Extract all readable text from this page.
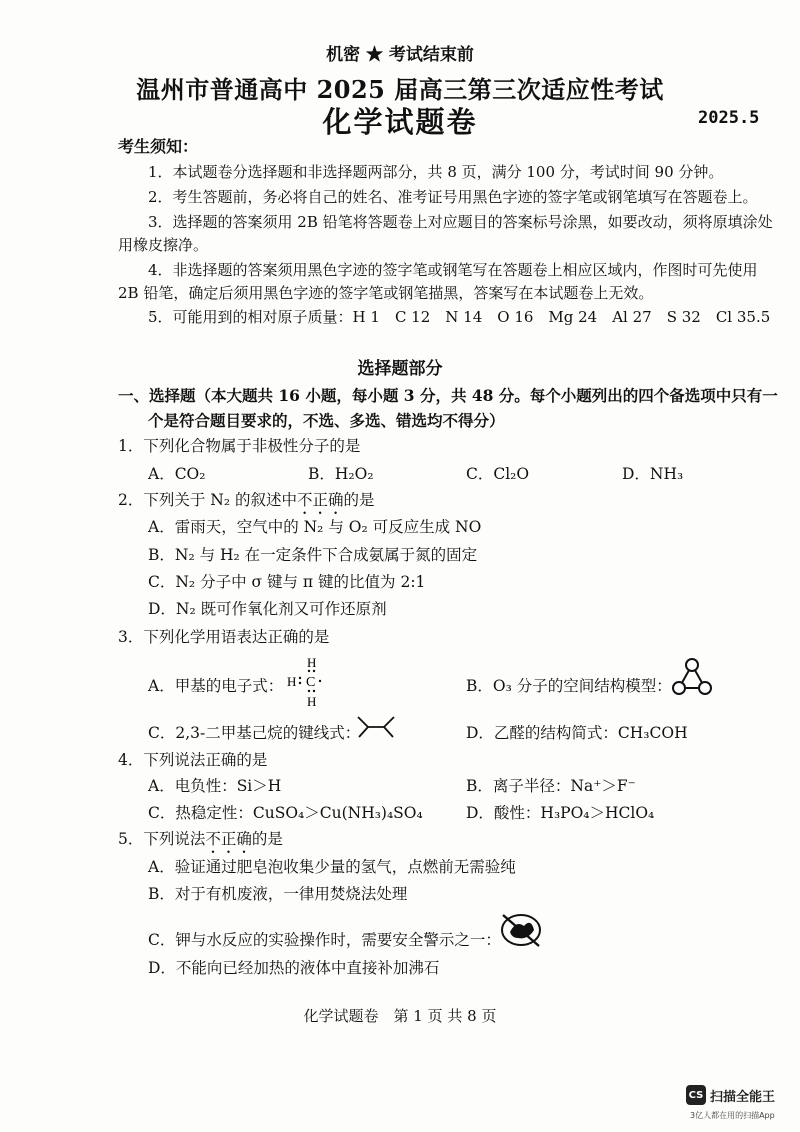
机密 ★ 考试结束前
温州市普通高中 2025 届高三第三次适应性考试
化学试题卷	2025.5
考生须知：
1．本试题卷分选择题和非选择题两部分，共 8 页，满分 100 分，考试时间 90 分钟。
2．考生答题前，务必将自己的姓名、准考证号用黑色字迹的签字笔或钢笔填写在答题卷上。
3．选择题的答案须用 2B 铅笔将答题卷上对应题目的答案标号涂黑，如要改动，须将原填涂处
用橡皮擦净。
4．非选择题的答案须用黑色字迹的签字笔或钢笔写在答题卷上相应区域内，作图时可先使用
2B 铅笔，确定后须用黑色字迹的签字笔或钢笔描黑，答案写在本试题卷上无效。
5．可能用到的相对原子质量：H 1　C 12　N 14　O 16　Mg 24　Al 27　S 32　Cl 35.5
选择题部分
一、选择题（本大题共 16 小题，每小题 3 分，共 48 分。每个小题列出的四个备选项中只有一
个是符合题目要求的，不选、多选、错选均不得分）
1．下列化合物属于非极性分子的是
A．CO₂	B．H₂O₂	C．Cl₂O	D．NH₃
2．下列关于 N₂ 的叙述中不正确的是
A．雷雨天，空气中的 N₂ 与 O₂ 可反应生成 NO
B．N₂ 与 H₂ 在一定条件下合成氨属于氮的固定
C．N₂ 分子中 σ 键与 π 键的比值为 2:1
D．N₂ 既可作氧化剂又可作还原剂
3．下列化学用语表达正确的是
A．甲基的电子式：
H
H C
H
B．O₃ 分子的空间结构模型：
C．2,3-二甲基己烷的键线式：	D．乙醛的结构简式：CH₃COH
4．下列说法正确的是
A．电负性：Si＞H	B．离子半径：Na⁺＞F⁻
C．热稳定性：CuSO₄＞Cu(NH₃)₄SO₄	D．酸性：H₃PO₄＞HClO₄
5．下列说法不正确的是
A．验证通过肥皂泡收集少量的氢气，点燃前无需验纯
B．对于有机废液，一律用焚烧法处理
C．钾与水反应的实验操作时，需要安全警示之一：
D．不能向已经加热的液体中直接补加沸石
化学试题卷　第 1 页 共 8 页
CS 扫描全能王
3亿人都在用的扫描App
